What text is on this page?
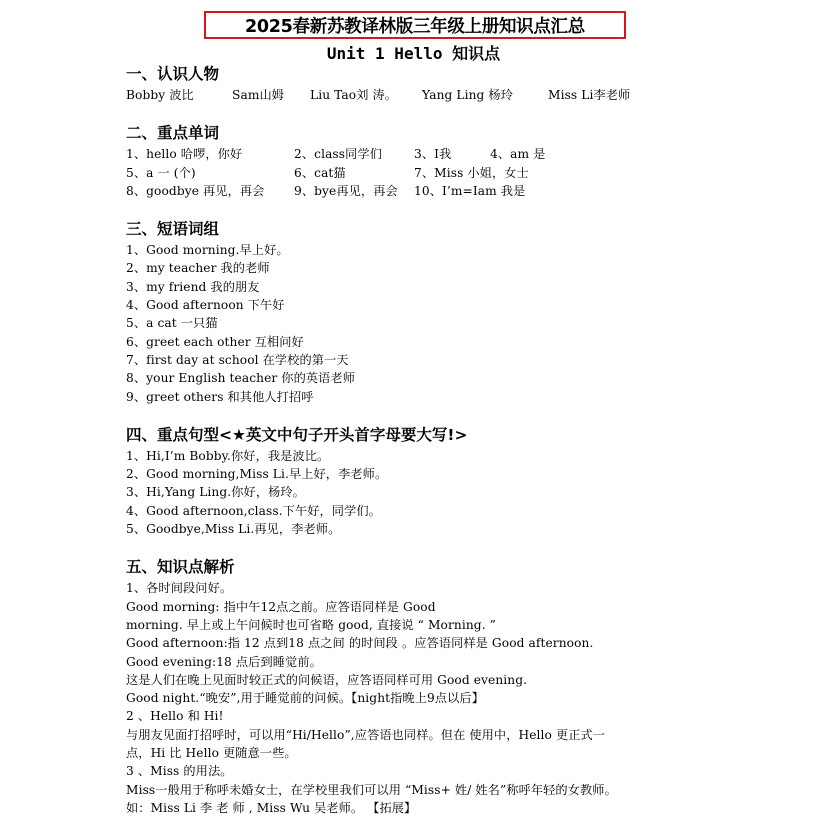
2025春新苏教译林版三年级上册知识点汇总
Unit 1 Hello 知识点
一、认识人物
Bobby 波比	Sam山姆	Liu Tao刘 涛。	Yang Ling 杨玲	Miss Li李老师
二、重点单词
1、hello 哈啰，你好	2、class同学们	3、I我	4、am 是
5、a 一 (个)	6、cat猫	7、Miss 小姐，女士
8、goodbye 再见，再会	9、bye再见，再会	10、I’m=Iam 我是
三、短语词组
1、Good morning.早上好。
2、my teacher 我的老师
3、my friend 我的朋友
4、Good afternoon 下午好
5、a cat 一只猫
6、greet each other 互相问好
7、first day at school 在学校的第一天
8、your English teacher 你的英语老师
9、greet others 和其他人打招呼
四、重点句型<★英文中句子开头首字母要大写!>
1、Hi,I’m Bobby.你好，我是波比。
2、Good morning,Miss Li.早上好，李老师。
3、Hi,Yang Ling.你好，杨玲。
4、Good afternoon,class.下午好，同学们。
5、Goodbye,Miss Li.再见，李老师。
五、知识点解析
1、各时间段问好。
Good morning: 指中午12点之前。应答语同样是 Good
morning. 早上或上午问候时也可省略 good, 直接说 “ Morning. ”
Good afternoon:指 12 点到18 点之间 的时间段 。应答语同样是 Good afternoon.
Good evening:18 点后到睡觉前。
这是人们在晚上见面时较正式的问候语，应答语同样可用 Good evening.
Good night.“晚安”,用于睡觉前的问候。【night指晚上9点以后】
2 、Hello 和 Hi!
与朋友见面打招呼时，可以用“Hi/Hello”,应答语也同样。但在 使用中，Hello 更正式一
点，Hi 比 Hello 更随意一些。
3 、Miss 的用法。
Miss一般用于称呼未婚女士，在学校里我们可以用 “Miss+ 姓/ 姓名”称呼年轻的女教师。
如：Miss Li 李 老 师 , Miss Wu 吴老师。 【拓展】
